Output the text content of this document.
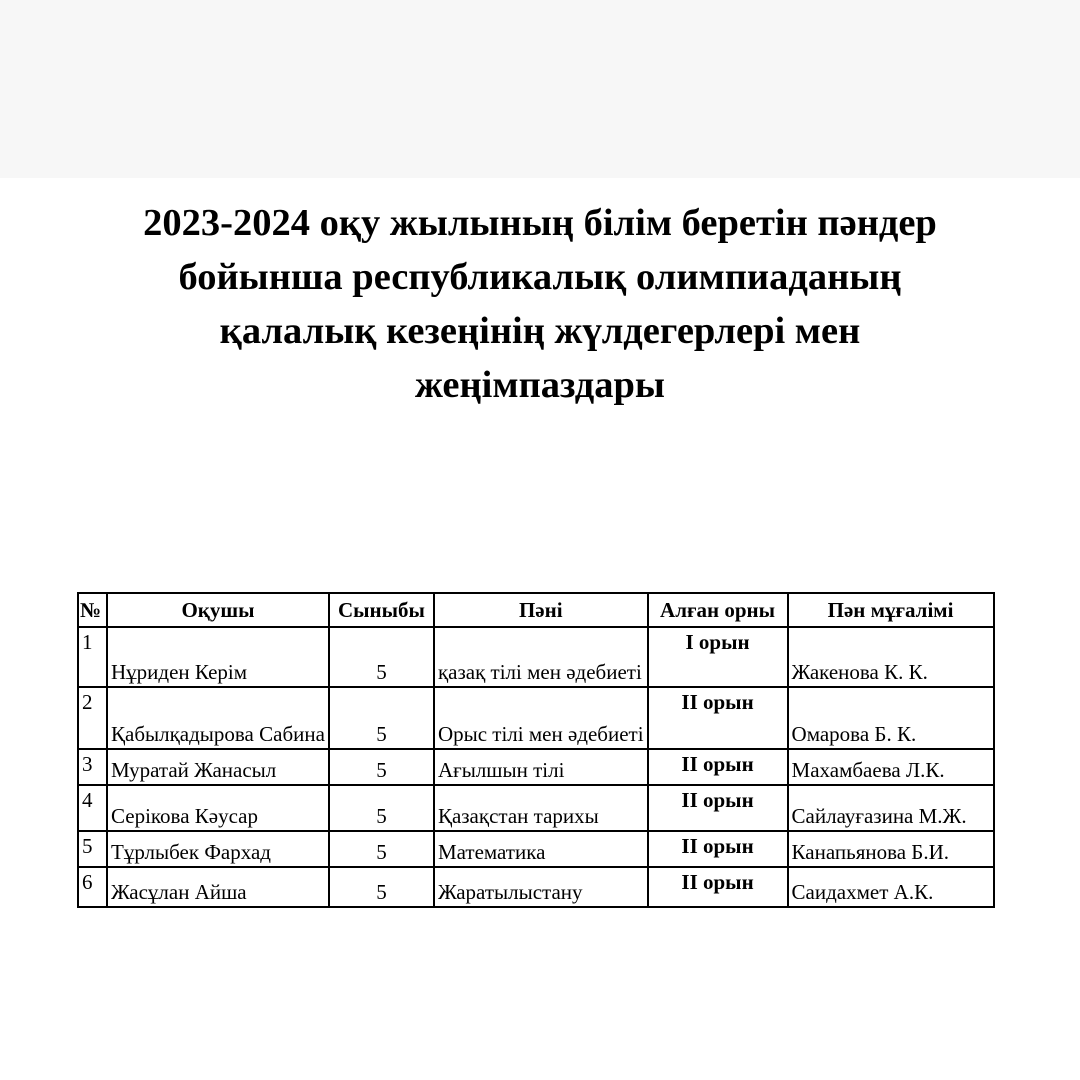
2023-2024 оқу жылының білім беретін пәндер
бойынша республикалық олимпиаданың
қалалық кезеңінің жүлдегерлері мен
жеңімпаздары
№	Оқушы	Сыныбы	Пәні	Алған орны	Пән мұғалімі
1	Нұриден Керім	5	қазақ тілі мен әдебиеті	І орын	Жакенова К. К.
2	Қабылқадырова Сабина	5	Орыс тілі мен әдебиеті	ІІ орын	Омарова Б. К.
3	Муратай Жанасыл	5	Ағылшын тілі	ІІ орын	Махамбаева Л.К.
4	Серікова Кәусар	5	Қазақстан тарихы	ІІ орын	Сайлауғазина М.Ж.
5	Тұрлыбек Фархад	5	Математика	ІІ орын	Канапьянова Б.И.
6	Жасұлан Айша	5	Жаратылыстану	ІІ орын	Саидахмет А.К.
